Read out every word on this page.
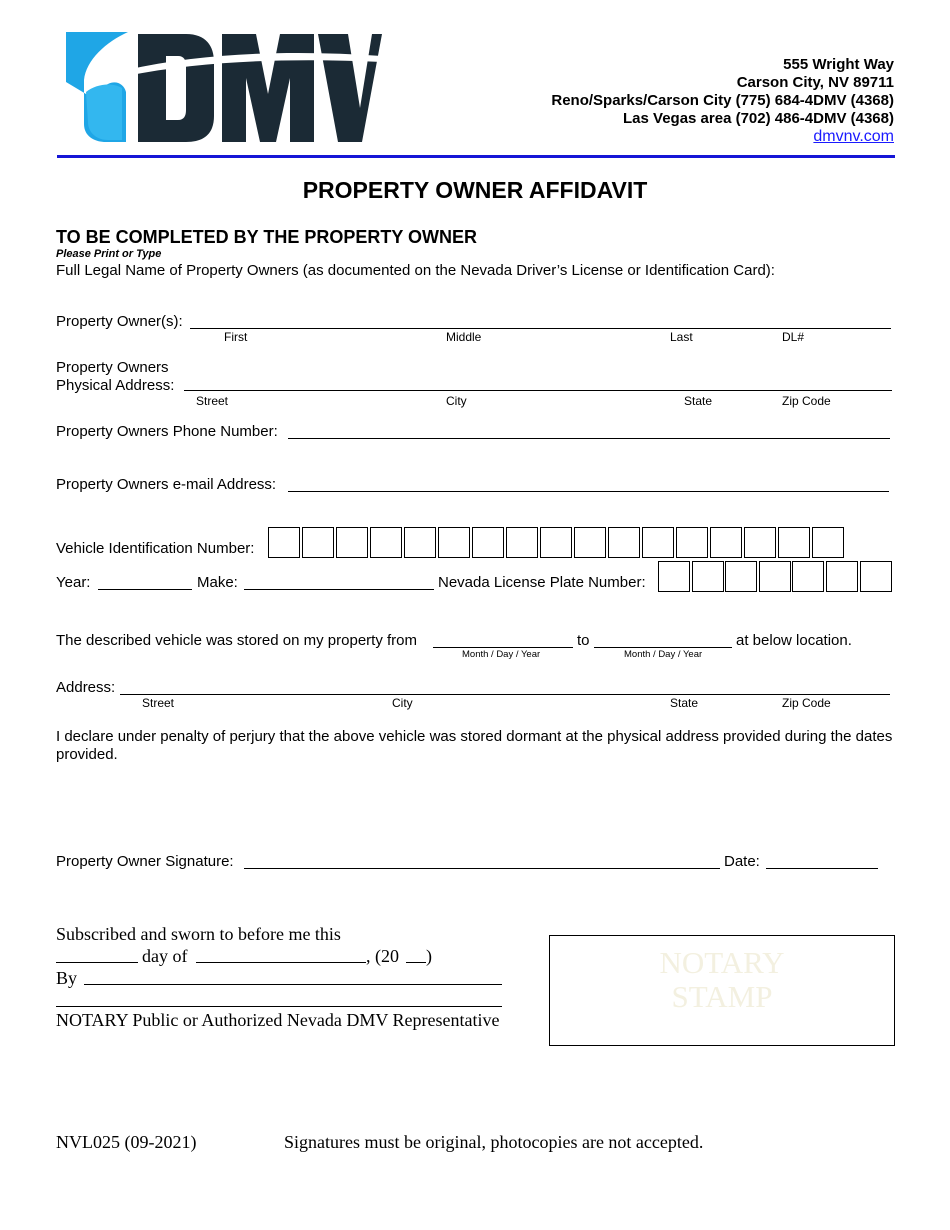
555 Wright Way
Carson City, NV 89711
Reno/Sparks/Carson City (775) 684-4DMV (4368)
Las Vegas area (702) 486-4DMV (4368)
dmvnv.com
PROPERTY OWNER AFFIDAVIT
TO BE COMPLETED BY THE PROPERTY OWNER
Please Print or Type
Full Legal Name of Property Owners (as documented on the Nevada Driver’s License or Identification Card):
Property Owner(s):
First	Middle	Last	DL#
Property Owners
Physical Address:
Street	City	State	Zip Code
Property Owners Phone Number:
Property Owners e-mail Address:
Vehicle Identification Number:
Year:	Make:	Nevada License Plate Number:
The described vehicle was stored on my property from	to	at below location.
Month / Day / Year	Month / Day / Year
Address:
Street	City	State	Zip Code
I declare under penalty of perjury that the above vehicle was stored dormant at the physical address provided during the dates provided.
Property Owner Signature:	Date:
Subscribed and sworn to before me this
day of	, (20 )
By
NOTARY Public or Authorized Nevada DMV Representative
NOTARY
STAMP
NVL025 (09-2021)	Signatures must be original, photocopies are not accepted.
